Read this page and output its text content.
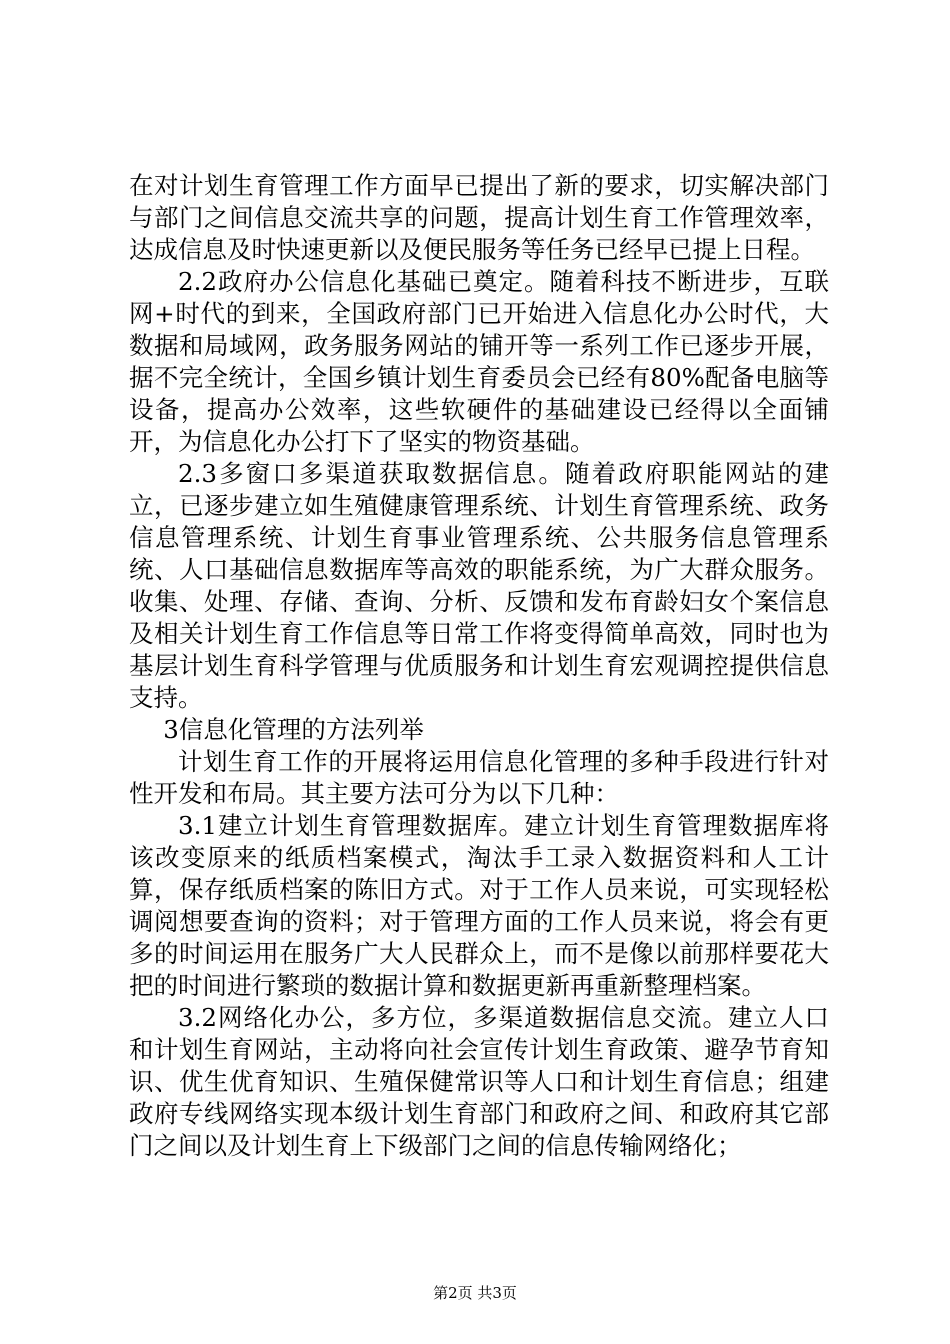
在对计划生育管理工作方面早已提出了新的要求，切实解决部门与部门之间信息交流共享的问题，提高计划生育工作管理效率，达成信息及时快速更新以及便民服务等任务已经早已提上日程。

2.2政府办公信息化基础已奠定。随着科技不断进步，互联网+时代的到来，全国政府部门已开始进入信息化办公时代，大数据和局域网，政务服务网站的铺开等一系列工作已逐步开展，据不完全统计，全国乡镇计划生育委员会已经有80%配备电脑等设备，提高办公效率，这些软硬件的基础建设已经得以全面铺开，为信息化办公打下了坚实的物资基础。

2.3多窗口多渠道获取数据信息。随着政府职能网站的建立，已逐步建立如生殖健康管理系统、计划生育管理系统、政务信息管理系统、计划生育事业管理系统、公共服务信息管理系统、人口基础信息数据库等高效的职能系统，为广大群众服务。收集、处理、存储、查询、分析、反馈和发布育龄妇女个案信息及相关计划生育工作信息等日常工作将变得简单高效，同时也为基层计划生育科学管理与优质服务和计划生育宏观调控提供信息支持。

3信息化管理的方法列举

计划生育工作的开展将运用信息化管理的多种手段进行针对性开发和布局。其主要方法可分为以下几种：

3.1建立计划生育管理数据库。建立计划生育管理数据库将该改变原来的纸质档案模式，淘汰手工录入数据资料和人工计算，保存纸质档案的陈旧方式。对于工作人员来说，可实现轻松调阅想要查询的资料；对于管理方面的工作人员来说，将会有更多的时间运用在服务广大人民群众上，而不是像以前那样要花大把的时间进行繁琐的数据计算和数据更新再重新整理档案。

3.2网络化办公，多方位，多渠道数据信息交流。建立人口和计划生育网站，主动将向社会宣传计划生育政策、避孕节育知识、优生优育知识、生殖保健常识等人口和计划生育信息；组建政府专线网络实现本级计划生育部门和政府之间、和政府其它部门之间以及计划生育上下级部门之间的信息传输网络化；

第2页 共3页
